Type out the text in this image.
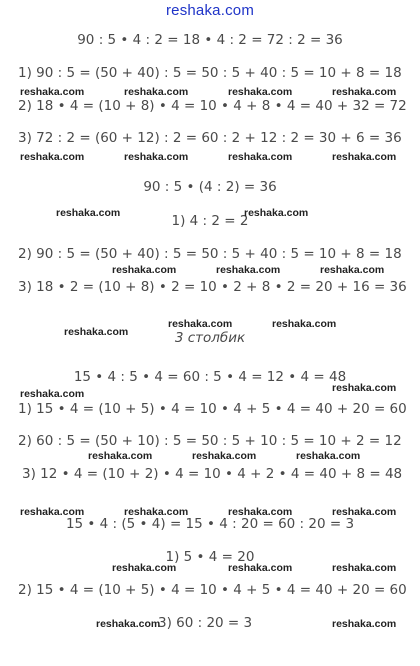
reshaka.com
90 : 5 • 4 : 2 = 18 • 4 : 2 = 72 : 2 = 36
1) 90 : 5 = (50 + 40) : 5 = 50 : 5 + 40 : 5 = 10 + 8 = 18
2) 18 • 4 = (10 + 8) • 4 = 10 • 4 + 8 • 4 = 40 + 32 = 72
3) 72 : 2 = (60 + 12) : 2 = 60 : 2 + 12 : 2 = 30 + 6 = 36
90 : 5 • (4 : 2) = 36
1) 4 : 2 = 2
2) 90 : 5 = (50 + 40) : 5 = 50 : 5 + 40 : 5 = 10 + 8 = 18
3) 18 • 2 = (10 + 8) • 2 = 10 • 2 + 8 • 2 = 20 + 16 = 36
3 столбик
15 • 4 : 5 • 4 = 60 : 5 • 4 = 12 • 4 = 48
1) 15 • 4 = (10 + 5) • 4 = 10 • 4 + 5 • 4 = 40 + 20 = 60
2) 60 : 5 = (50 + 10) : 5 = 50 : 5 + 10 : 5 = 10 + 2 = 12
3) 12 • 4 = (10 + 2) • 4 = 10 • 4 + 2 • 4 = 40 + 8 = 48
15 • 4 : (5 • 4) = 15 • 4 : 20 = 60 : 20 = 3
1) 5 • 4 = 20
2) 15 • 4 = (10 + 5) • 4 = 10 • 4 + 5 • 4 = 40 + 20 = 60
3) 60 : 20 = 3
reshaka.com	reshaka.com	reshaka.com	reshaka.com
reshaka.com	reshaka.com	reshaka.com	reshaka.com
reshaka.com	reshaka.com
reshaka.com	reshaka.com	reshaka.com
reshaka.com
reshaka.com	reshaka.com
reshaka.com	reshaka.com
reshaka.com	reshaka.com	reshaka.com
reshaka.com	reshaka.com	reshaka.com	reshaka.com
reshaka.com	reshaka.com	reshaka.com
reshaka.com	reshaka.com
